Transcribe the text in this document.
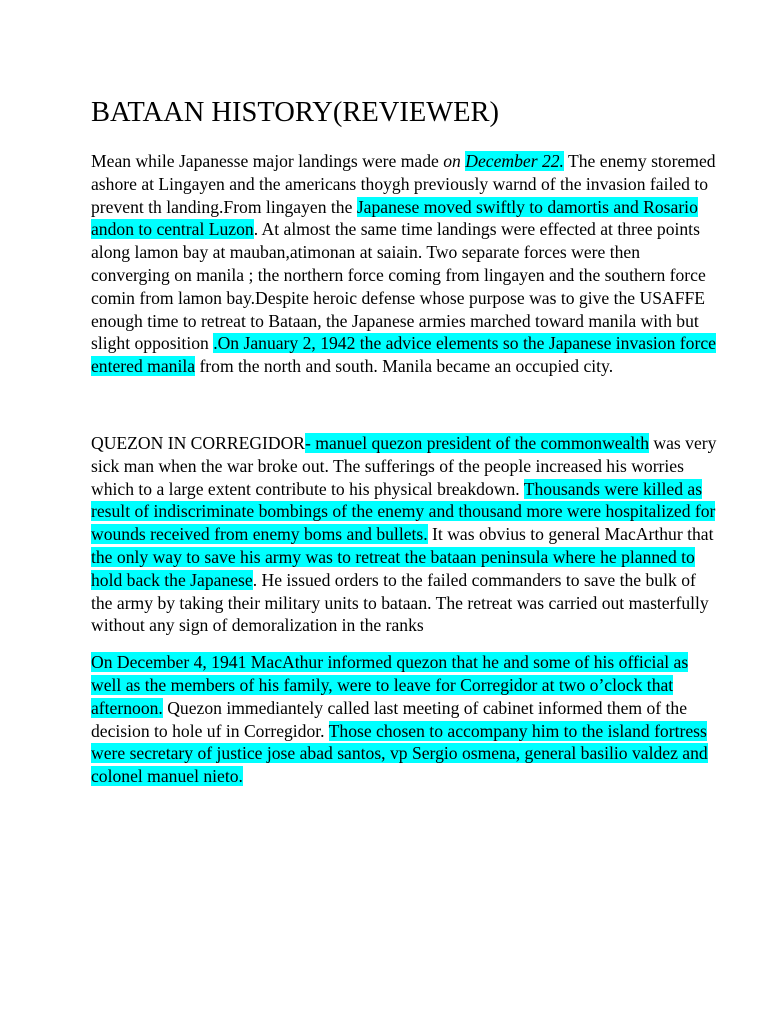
BATAAN HISTORY(REVIEWER)

Mean while Japanesse major landings were made on December 22. The enemy storemed ashore at Lingayen and the americans thoygh previously warnd of the invasion failed to prevent th landing.From lingayen the Japanese moved swiftly to damortis and Rosario andon to central Luzon. At almost the same time landings were effected at three points along lamon bay at mauban,atimonan at saiain. Two separate forces were then converging on manila ; the northern force coming from lingayen and the southern force comin from lamon bay.Despite heroic defense whose purpose was to give the USAFFE enough time to retreat to Bataan, the Japanese armies marched toward manila with but slight opposition .On January 2, 1942 the advice elements so the Japanese invasion force entered manila from the north and south. Manila became an occupied city.

QUEZON IN CORREGIDOR- manuel quezon president of the commonwealth was very sick man when the war broke out. The sufferings of the people increased his worries which to a large extent contribute to his physical breakdown. Thousands were killed as result of indiscriminate bombings of the enemy and thousand more were hospitalized for wounds received from enemy boms and bullets. It was obvius to general MacArthur that the only way to save his army was to retreat the bataan peninsula where he planned to hold back the Japanese. He issued orders to the failed commanders to save the bulk of the army by taking their military units to bataan. The retreat was carried out masterfully without any sign of demoralization in the ranks

On December 4, 1941 MacAthur informed quezon that he and some of his official as well as the members of his family, were to leave for Corregidor at two o’clock that afternoon. Quezon immediantely called last meeting of cabinet informed them of the decision to hole uf in Corregidor. Those chosen to accompany him to the island fortress were secretary of justice jose abad santos, vp Sergio osmena, general basilio valdez and colonel manuel nieto.
